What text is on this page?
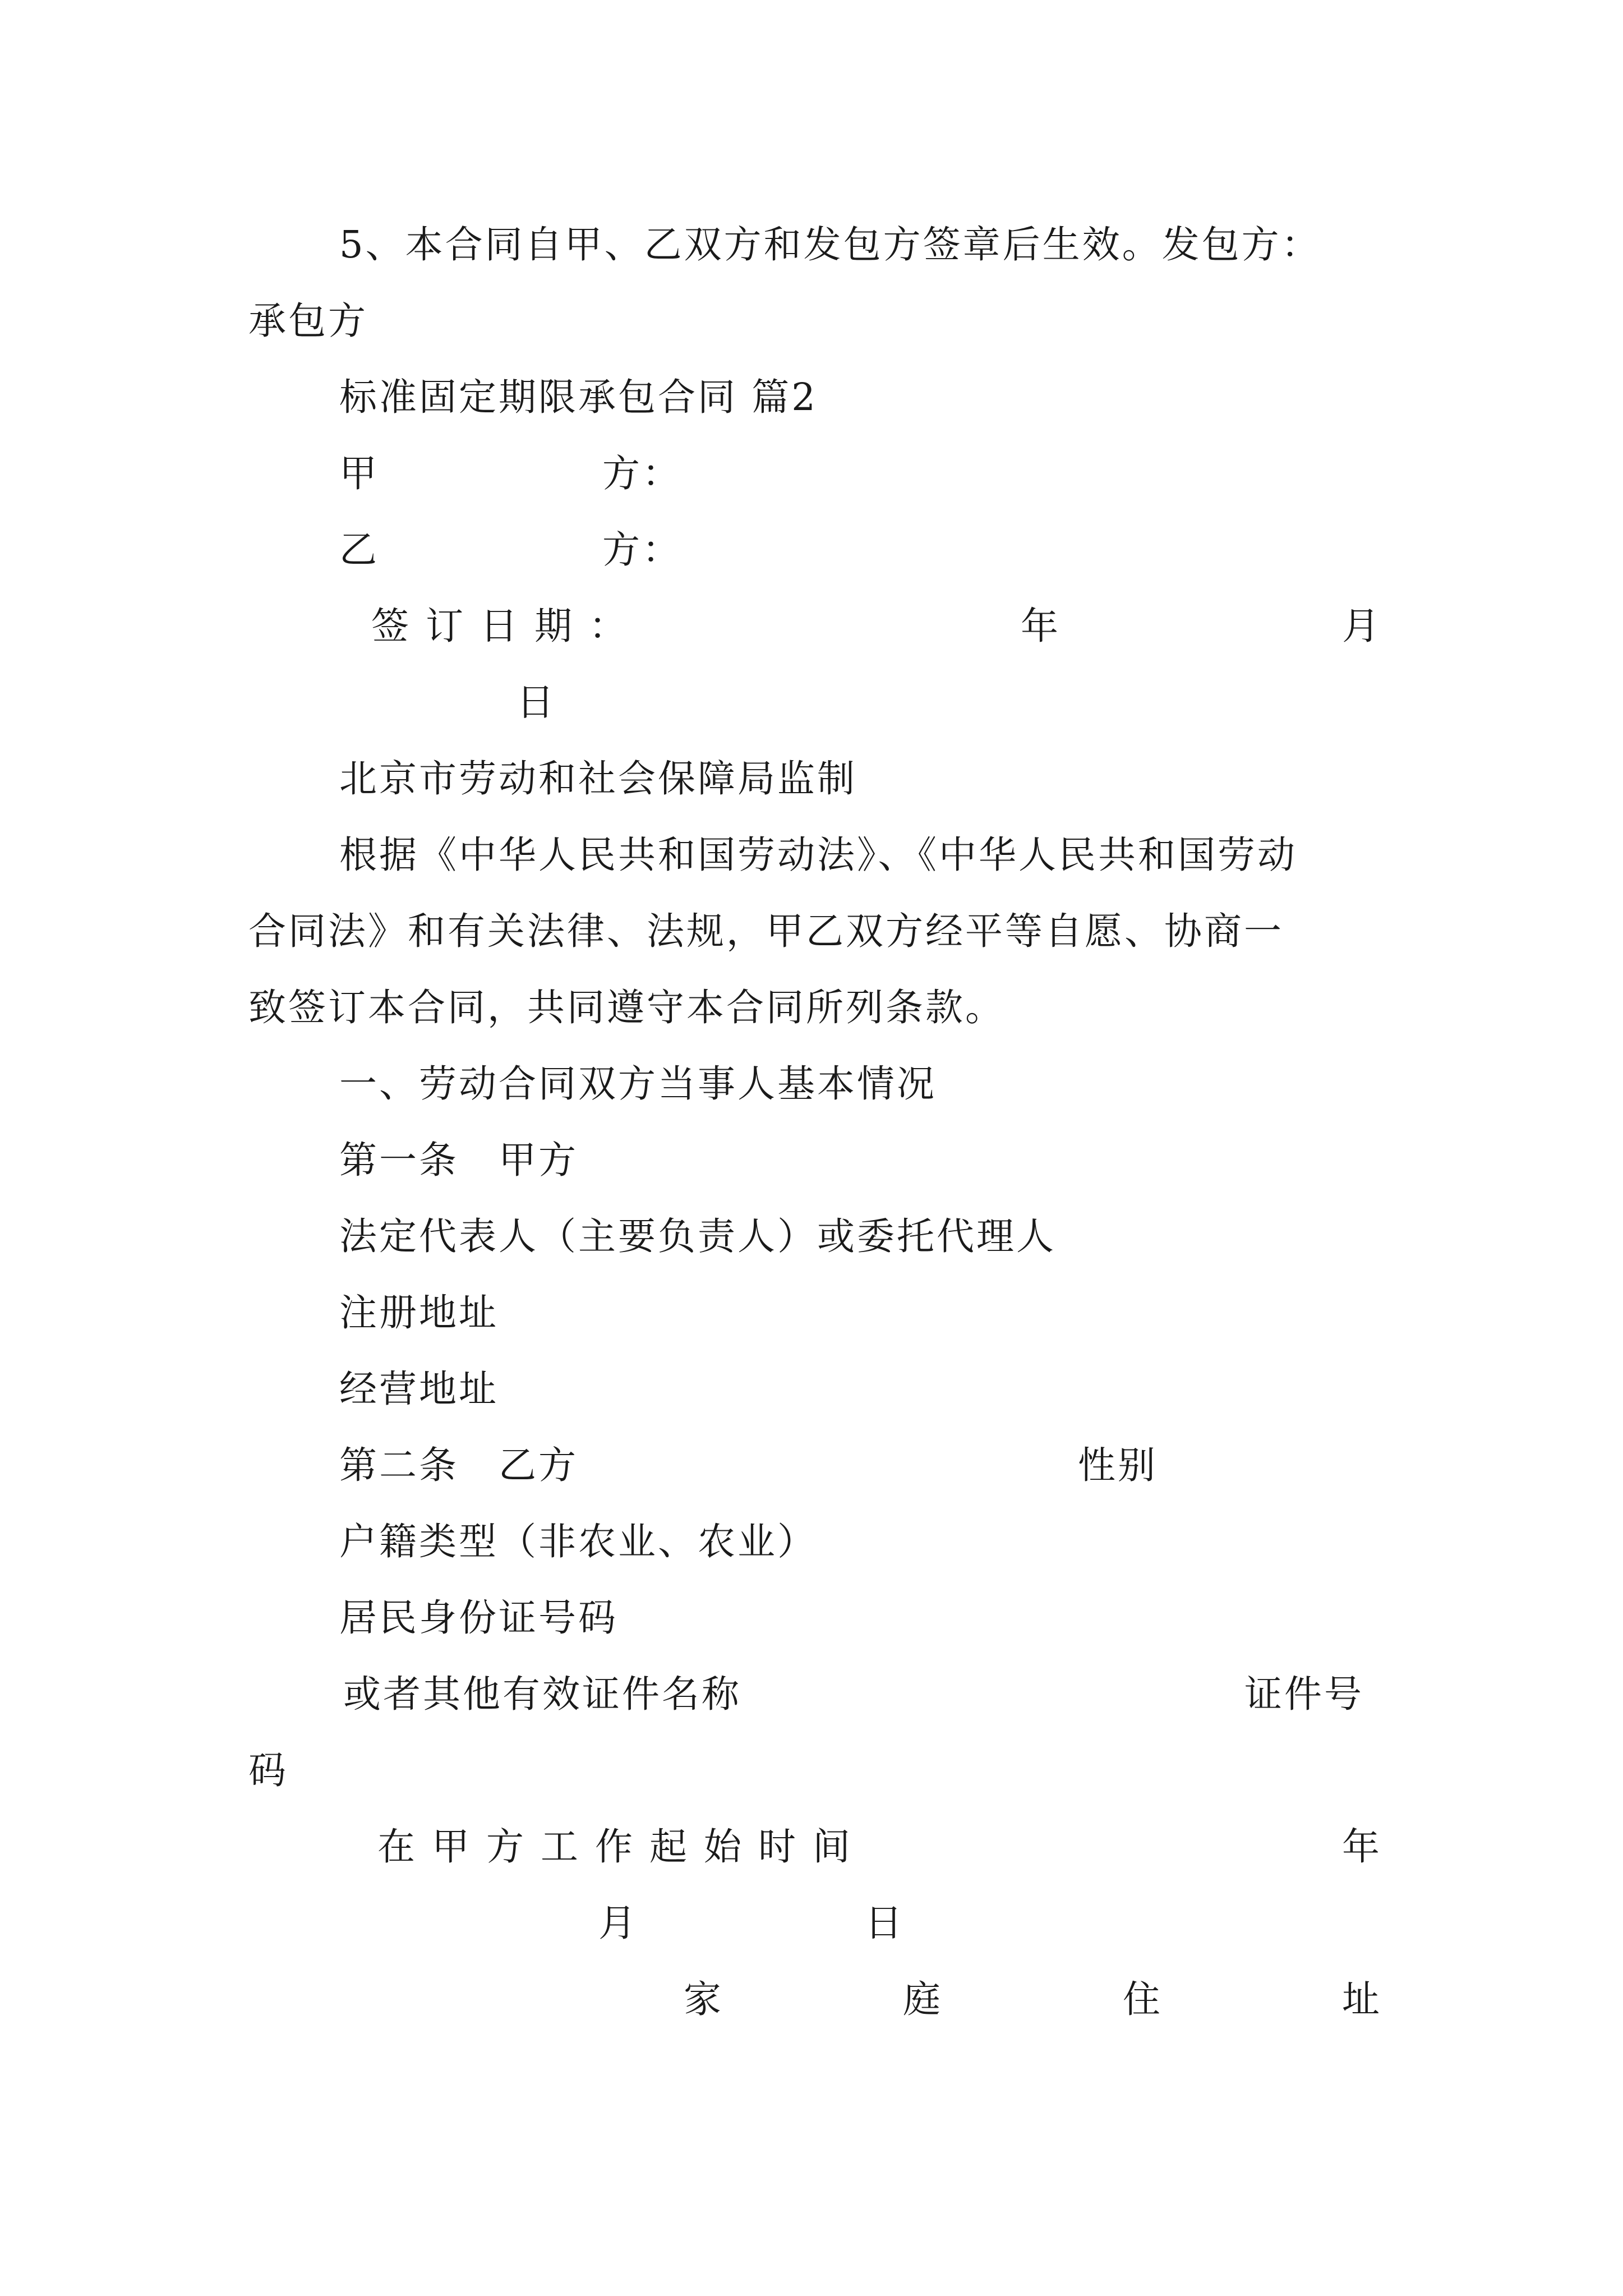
5、本合同自甲、乙双方和发包方签章后生效。发包方：
承包方
标准固定期限承包合同 篇2
甲	方：
乙	方：
签订日期：	年	月
日
北京市劳动和社会保障局监制
根据《中华人民共和国劳动法》、《中华人民共和国劳动
合同法》和有关法律、法规，甲乙双方经平等自愿、协商一
致签订本合同，共同遵守本合同所列条款。
一、劳动合同双方当事人基本情况
第一条　甲方
法定代表人（主要负责人）或委托代理人
注册地址
经营地址
第二条　乙方	性别
户籍类型（非农业、农业）
居民身份证号码
或者其他有效证件名称	证件号
码
在甲方工作起始时间	年
月	日
家	庭	住	址
